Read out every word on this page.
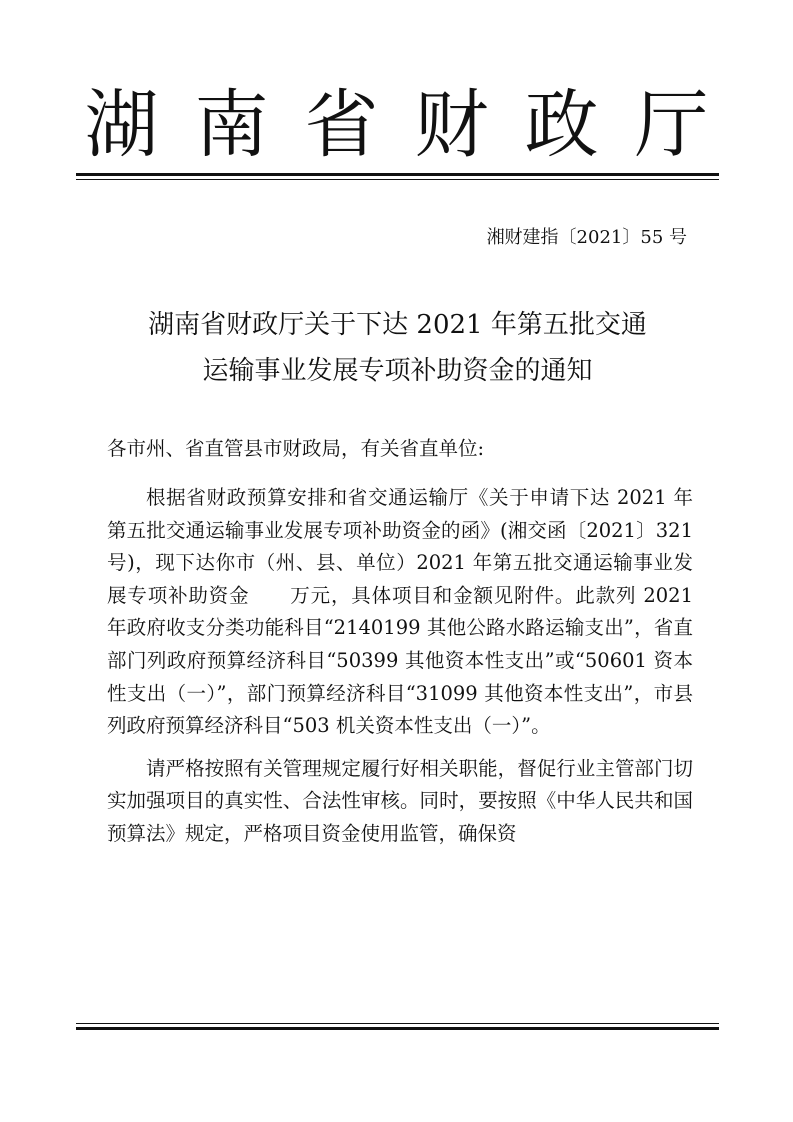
湖南省财政厅
湘财建指〔2021〕55 号
湖南省财政厅关于下达 2021 年第五批交通
运输事业发展专项补助资金的通知
各市州、省直管县市财政局，有关省直单位:

根据省财政预算安排和省交通运输厅《关于申请下达 2021 年第五批交通运输事业发展专项补助资金的函》(湘交函〔2021〕321 号)，现下达你市（州、县、单位）2021 年第五批交通运输事业发展专项补助资金　　万元，具体项目和金额见附件。此款列 2021 年政府收支分类功能科目“2140199 其他公路水路运输支出”，省直部门列政府预算经济科目“50399 其他资本性支出”或“50601 资本性支出（一）”，部门预算经济科目“31099 其他资本性支出”，市县列政府预算经济科目“503 机关资本性支出（一）”。

请严格按照有关管理规定履行好相关职能，督促行业主管部门切实加强项目的真实性、合法性审核。同时，要按照《中华人民共和国预算法》规定，严格项目资金使用监管，确保资
